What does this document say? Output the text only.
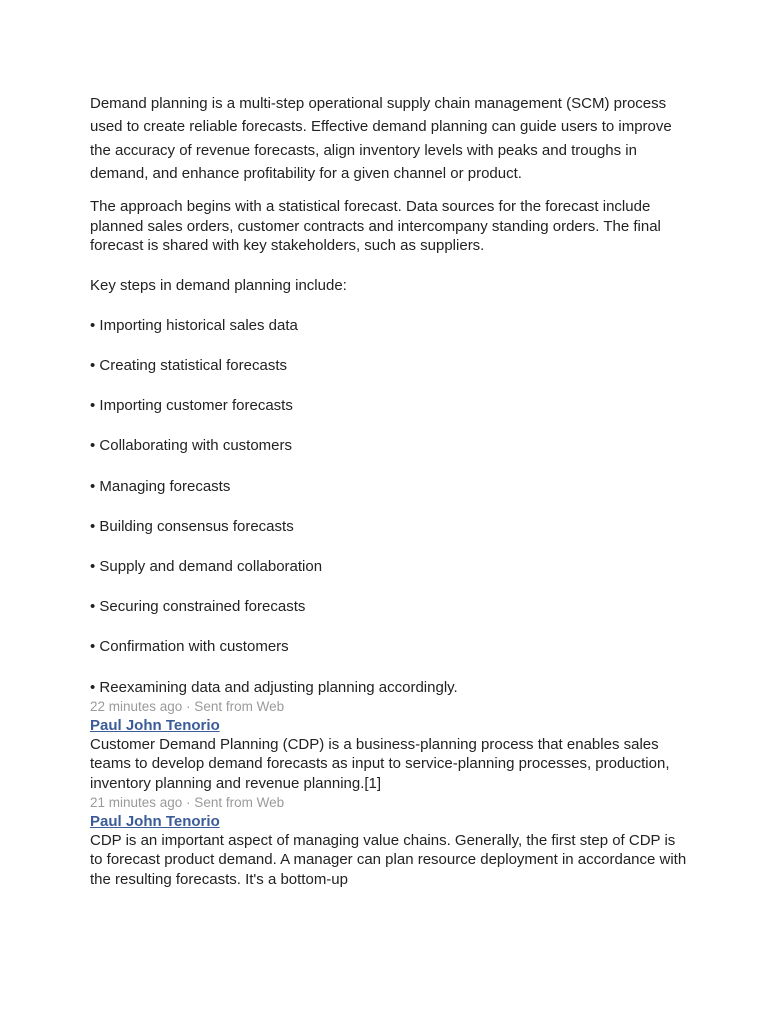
Demand planning is a multi-step operational supply chain management (SCM) process used to create reliable forecasts. Effective demand planning can guide users to improve the accuracy of revenue forecasts, align inventory levels with peaks and troughs in demand, and enhance profitability for a given channel or product.

The approach begins with a statistical forecast. Data sources for the forecast include planned sales orders, customer contracts and intercompany standing orders. The final forecast is shared with key stakeholders, such as suppliers.

Key steps in demand planning include:
• Importing historical sales data
• Creating statistical forecasts
• Importing customer forecasts
• Collaborating with customers
• Managing forecasts
• Building consensus forecasts
• Supply and demand collaboration
• Securing constrained forecasts
• Confirmation with customers
• Reexamining data and adjusting planning accordingly.
22 minutes ago · Sent from Web
Paul John Tenorio

Customer Demand Planning (CDP) is a business-planning process that enables sales teams to develop demand forecasts as input to service-planning processes, production, inventory planning and revenue planning.[1]

21 minutes ago · Sent from Web
Paul John Tenorio

CDP is an important aspect of managing value chains. Generally, the first step of CDP is to forecast product demand. A manager can plan resource deployment in accordance with the resulting forecasts. It's a bottom-up
